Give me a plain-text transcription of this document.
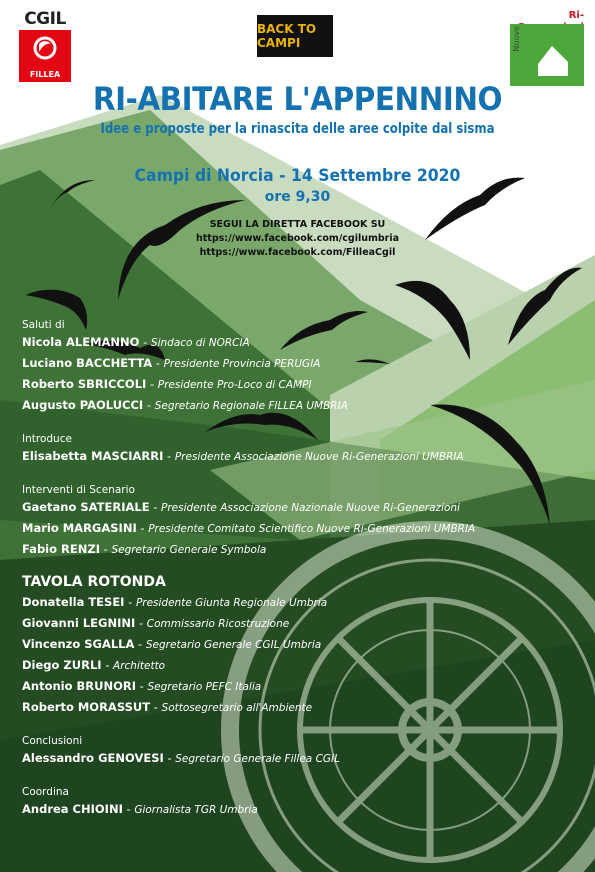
CGIL
FILLEA
BACK TO CAMPI
Ri-
Nuove
RI-ABITARE L'APPENNINO
Idee e proposte per la rinascita delle aree colpite dal sisma
Campi di Norcia - 14 Settembre 2020
ore 9,30
SEGUI LA DIRETTA FACEBOOK SU
https://www.facebook.com/cgilumbria
https://www.facebook.com/FilleaCgil
Saluti di
Nicola ALEMANNO - Sindaco di NORCIA
Luciano BACCHETTA - Presidente Provincia PERUGIA
Roberto SBRICCOLI - Presidente Pro-Loco di CAMPI
Augusto PAOLUCCI - Segretario Regionale FILLEA UMBRIA
Introduce
Elisabetta MASCIARRI - Presidente Associazione Nuove Ri-Generazioni UMBRIA
Interventi di Scenario
Gaetano SATERIALE - Presidente Associazione Nazionale Nuove Ri-Generazioni
Mario MARGASINI - Presidente Comitato Scientifico Nuove Ri-Generazioni UMBRIA
Fabio RENZI - Segretario Generale Symbola
TAVOLA ROTONDA
Donatella TESEI - Presidente Giunta Regionale Umbria
Giovanni LEGNINI - Commissario Ricostruzione
Vincenzo SGALLA - Segretario Generale CGIL Umbria
Diego ZURLI - Architetto
Antonio BRUNORI - Segretario PEFC Italia
Roberto MORASSUT - Sottosegretario all'Ambiente
Conclusioni
Alessandro GENOVESI - Segretario Generale Fillea CGIL
Coordina
Andrea CHIOINI - Giornalista TGR Umbria
